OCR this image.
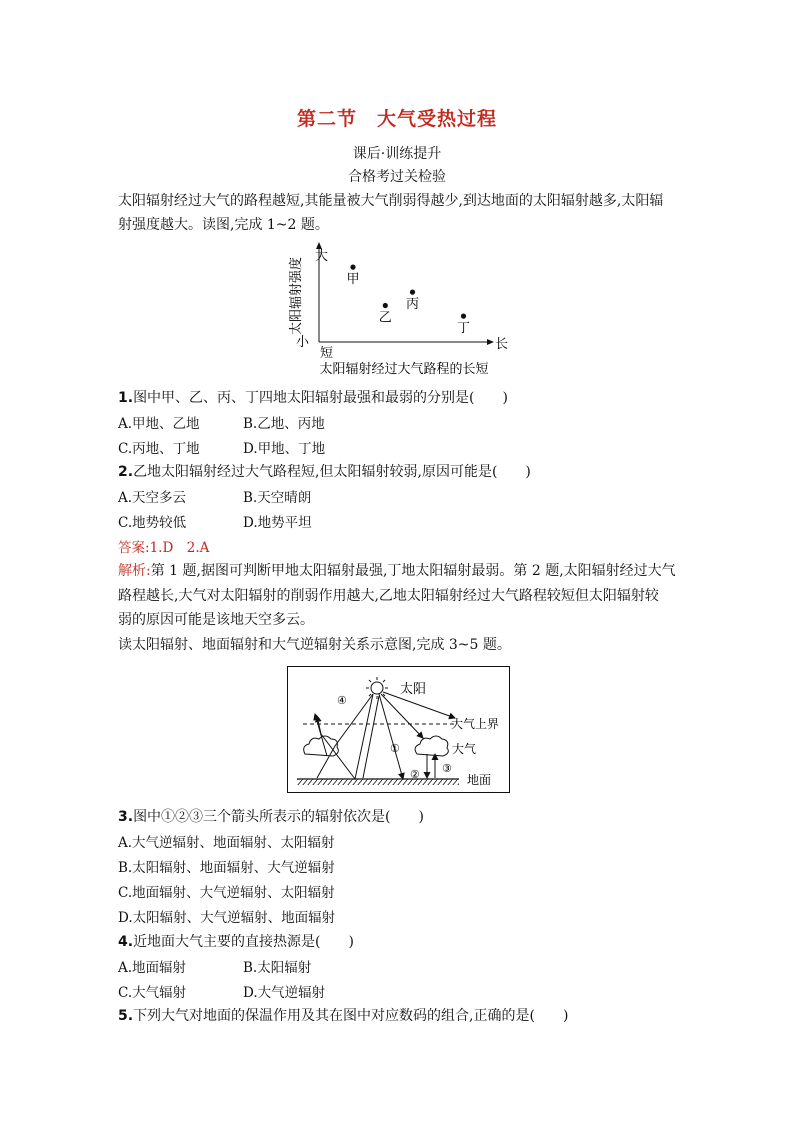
第二节　大气受热过程
课后·训练提升
合格考过关检验
太阳辐射经过大气的路程越短,其能量被大气削弱得越少,到达地面的太阳辐射越多,太阳辐
射强度越大。读图,完成 1~2 题。
大
小
短
长
太阳辐射强度
太阳辐射经过大气路程的长短
甲
乙
丙
丁
1.图中甲、乙、丙、丁四地太阳辐射最强和最弱的分别是(　　)
A.甲地、乙地	B.乙地、丙地
C.丙地、丁地	D.甲地、丁地
2.乙地太阳辐射经过大气路程短,但太阳辐射较弱,原因可能是(　　)
A.天空多云	B.天空晴朗
C.地势较低	D.地势平坦
答案:1.D　2.A
解析:第 1 题,据图可判断甲地太阳辐射最强,丁地太阳辐射最弱。第 2 题,太阳辐射经过大气
路程越长,大气对太阳辐射的削弱作用越大,乙地太阳辐射经过大气路程较短但太阳辐射较
弱的原因可能是该地天空多云。
读太阳辐射、地面辐射和大气逆辐射关系示意图,完成 3~5 题。
太阳
大气上界
大气
地面
④
①
② ③
3.图中①②③三个箭头所表示的辐射依次是(　　)
A.大气逆辐射、地面辐射、太阳辐射
B.太阳辐射、地面辐射、大气逆辐射
C.地面辐射、大气逆辐射、太阳辐射
D.太阳辐射、大气逆辐射、地面辐射
4.近地面大气主要的直接热源是(　　)
A.地面辐射	B.太阳辐射
C.大气辐射	D.大气逆辐射
5.下列大气对地面的保温作用及其在图中对应数码的组合,正确的是(　　)
